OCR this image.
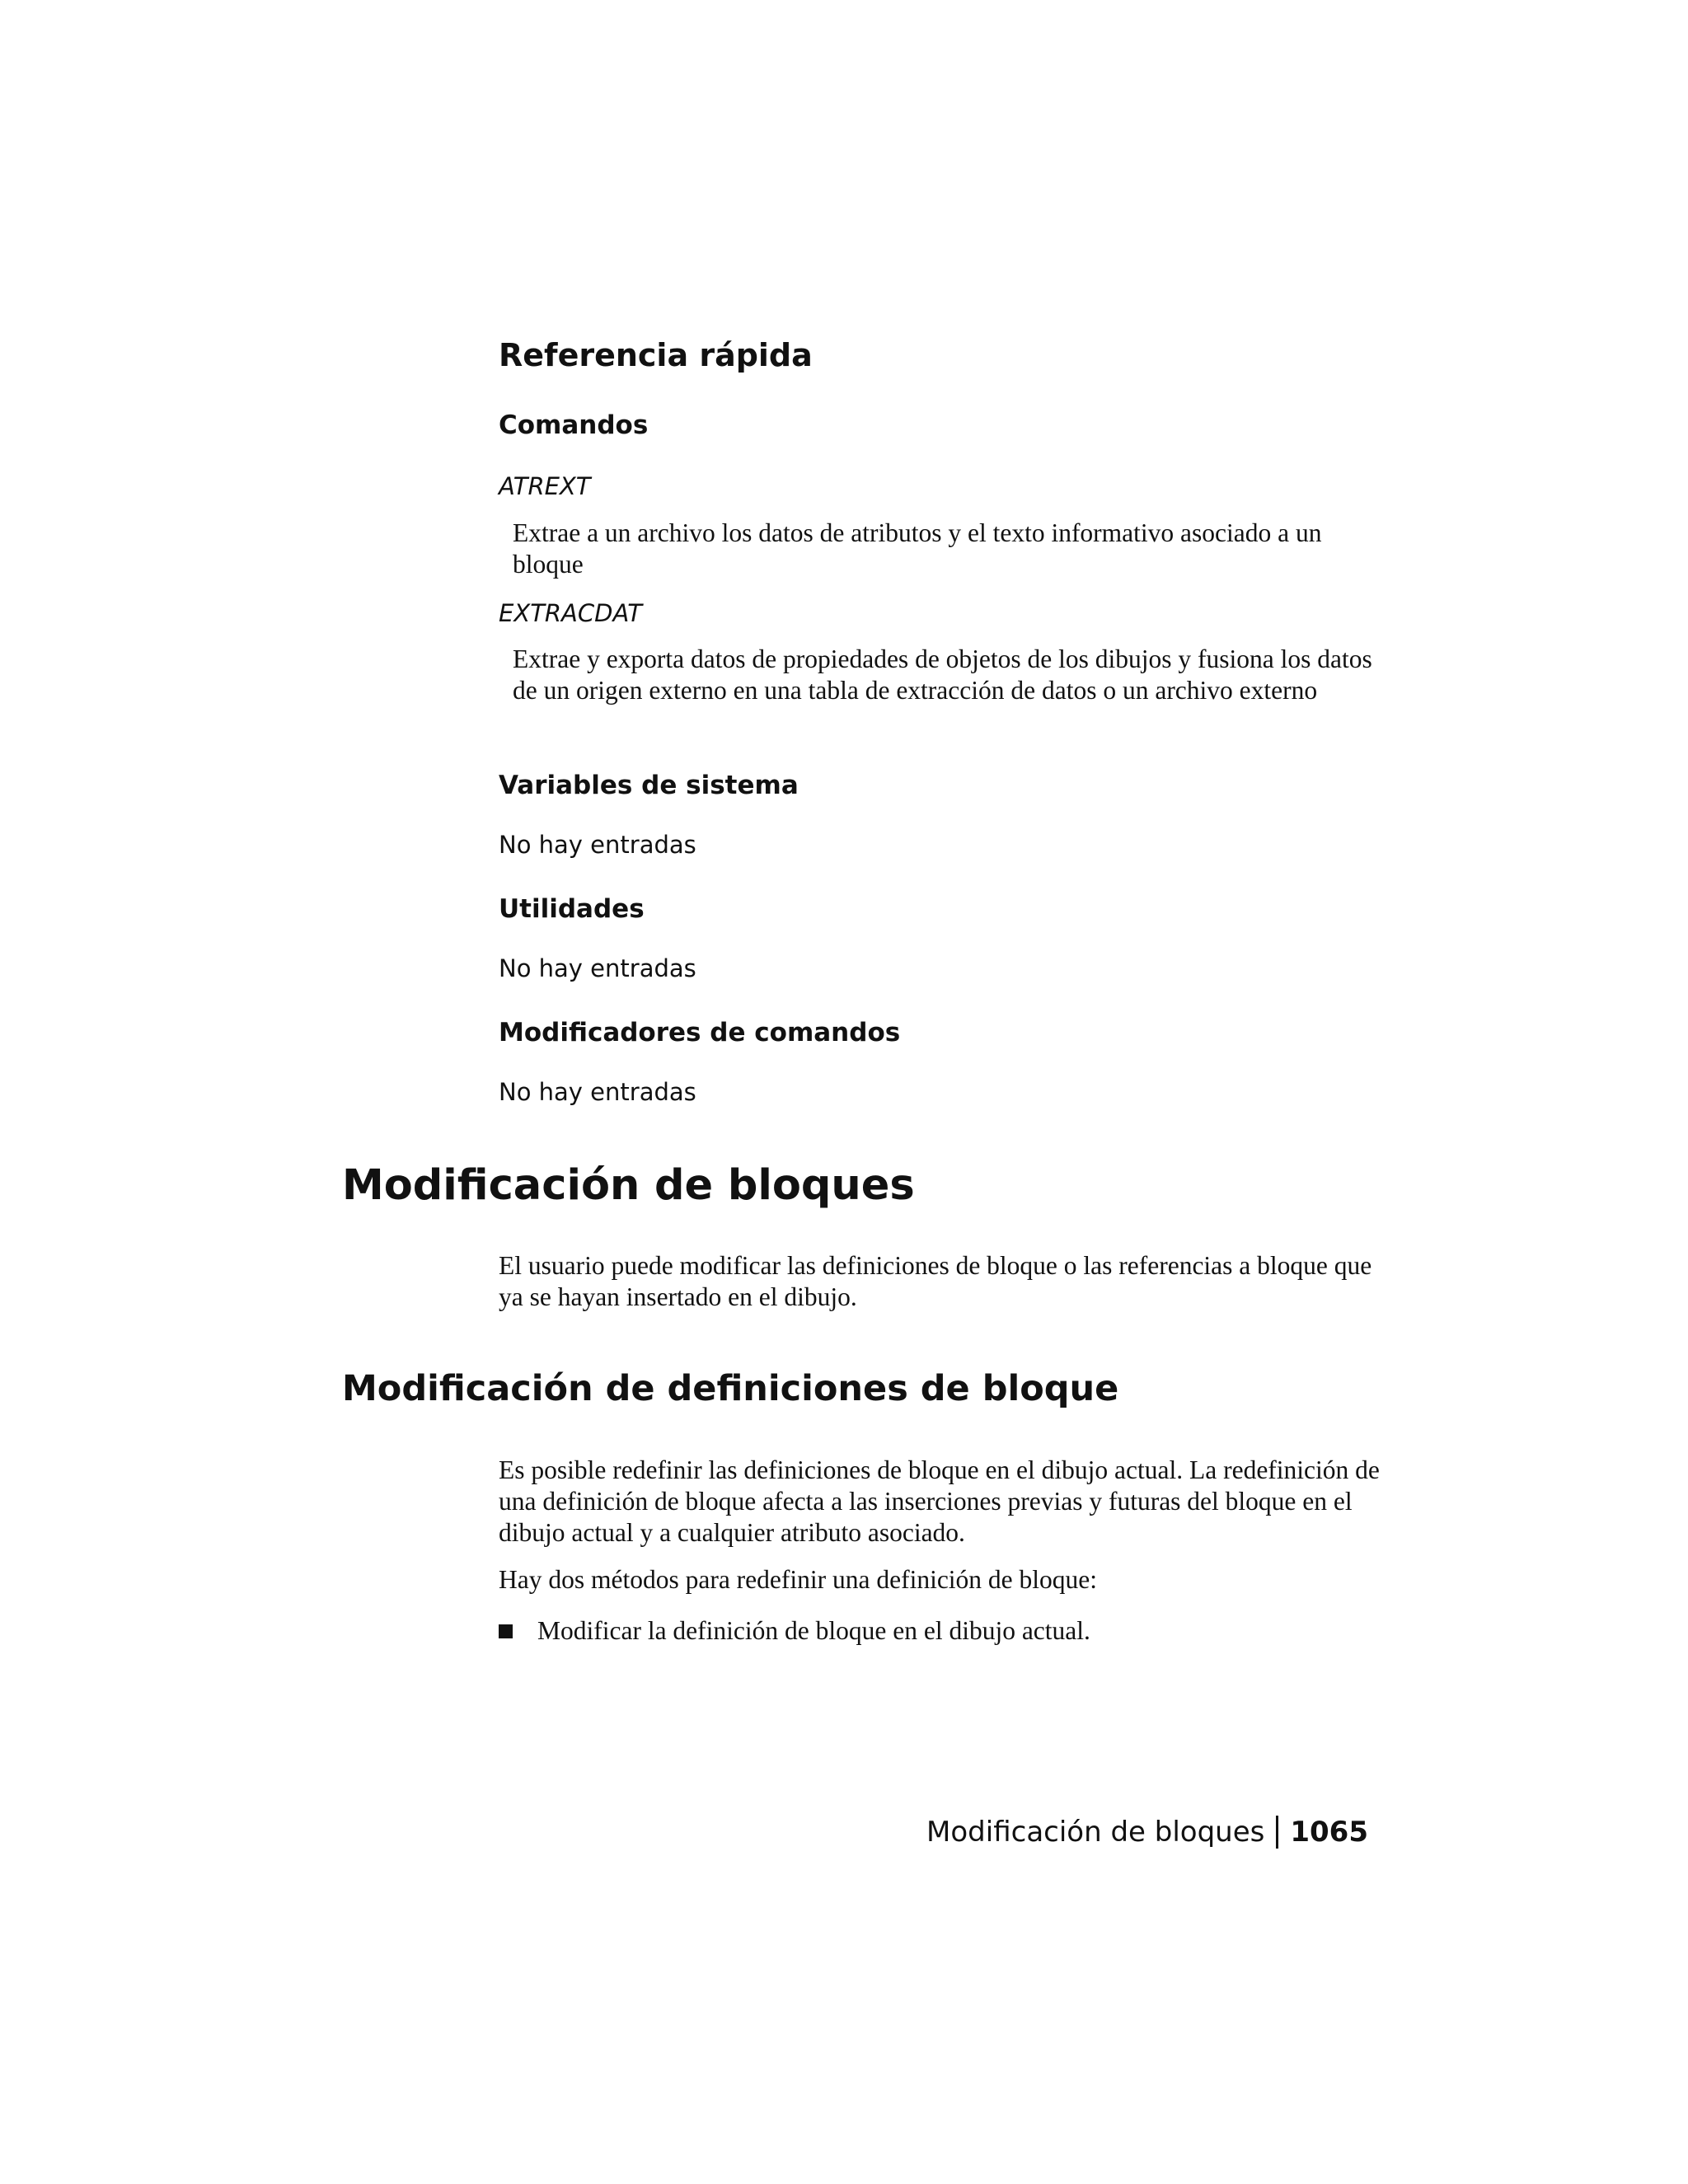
Referencia rápida
Comandos
ATREXT
Extrae a un archivo los datos de atributos y el texto informativo asociado a un bloque
EXTRACDAT
Extrae y exporta datos de propiedades de objetos de los dibujos y fusiona los datos de un origen externo en una tabla de extracción de datos o un archivo externo
Variables de sistema
No hay entradas
Utilidades
No hay entradas
Modificadores de comandos
No hay entradas
Modificación de bloques
El usuario puede modificar las definiciones de bloque o las referencias a bloque que ya se hayan insertado en el dibujo.
Modificación de definiciones de bloque
Es posible redefinir las definiciones de bloque en el dibujo actual. La redefinición de una definición de bloque afecta a las inserciones previas y futuras del bloque en el dibujo actual y a cualquier atributo asociado.
Hay dos métodos para redefinir una definición de bloque:
Modificar la definición de bloque en el dibujo actual.
Modificación de bloques 1065
